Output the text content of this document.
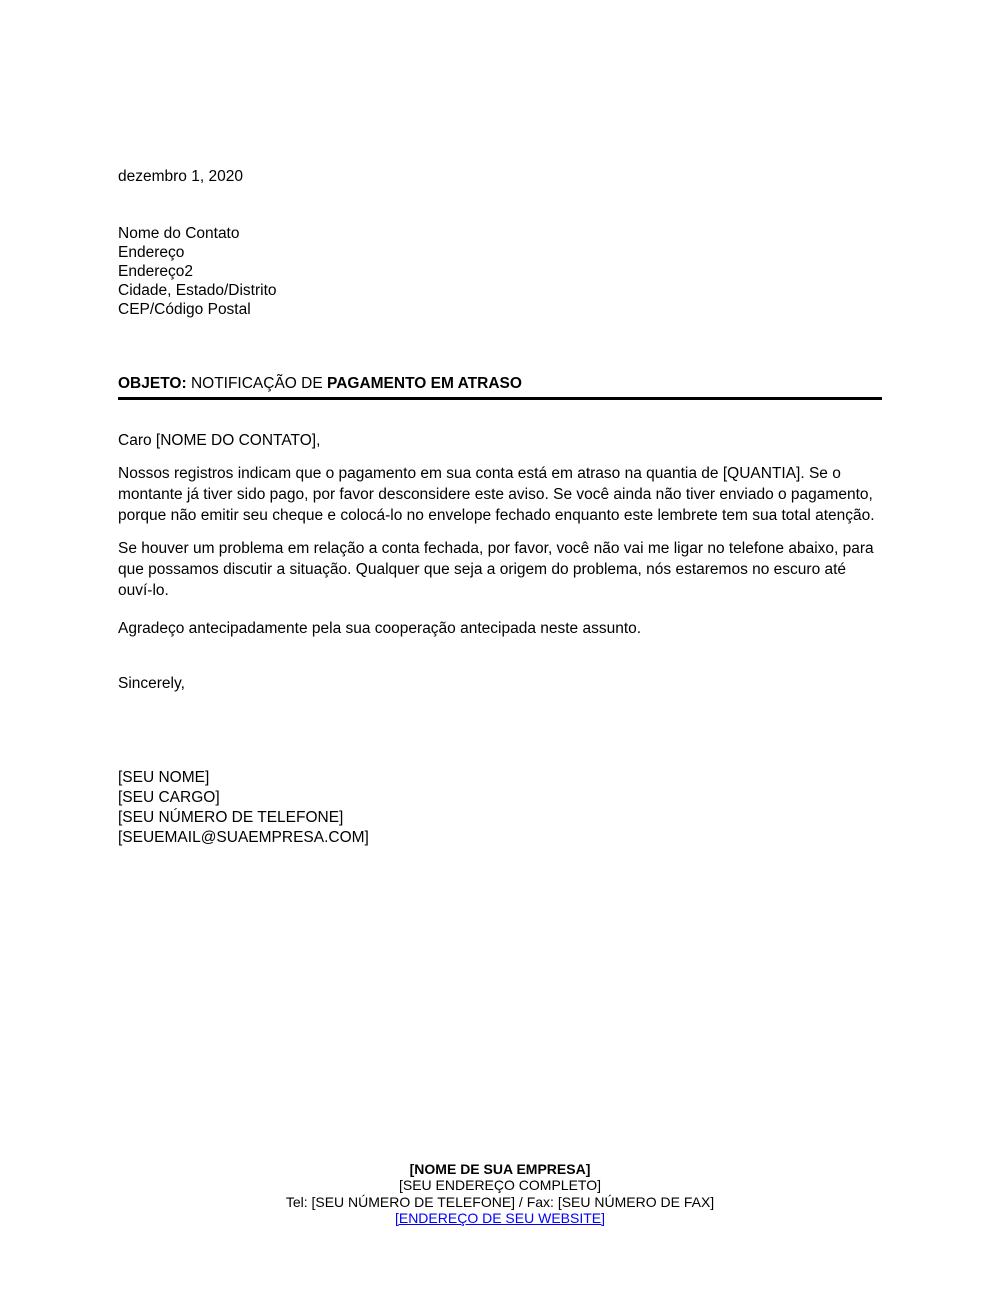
dezembro 1, 2020
Nome do Contato
Endereço
Endereço2
Cidade, Estado/Distrito
CEP/Código Postal
OBJETO: NOTIFICAÇÃO DE PAGAMENTO EM ATRASO
Caro [NOME DO CONTATO],

Nossos registros indicam que o pagamento em sua conta está em atraso na quantia de [QUANTIA]. Se o montante já tiver sido pago, por favor desconsidere este aviso. Se você ainda não tiver enviado o pagamento, porque não emitir seu cheque e colocá-lo no envelope fechado enquanto este lembrete tem sua total atenção.

Se houver um problema em relação a conta fechada, por favor, você não vai me ligar no telefone abaixo, para que possamos discutir a situação. Qualquer que seja a origem do problema, nós estaremos no escuro até ouví-lo.

Agradeço antecipadamente pela sua cooperação antecipada neste assunto.

Sincerely,
[SEU NOME]
[SEU CARGO]
[SEU NÚMERO DE TELEFONE]
[SEUEMAIL@SUAEMPRESA.COM]
[NOME DE SUA EMPRESA]
[SEU ENDEREÇO COMPLETO]
Tel: [SEU NÚMERO DE TELEFONE] / Fax: [SEU NÚMERO DE FAX]
[ENDEREÇO DE SEU WEBSITE]
